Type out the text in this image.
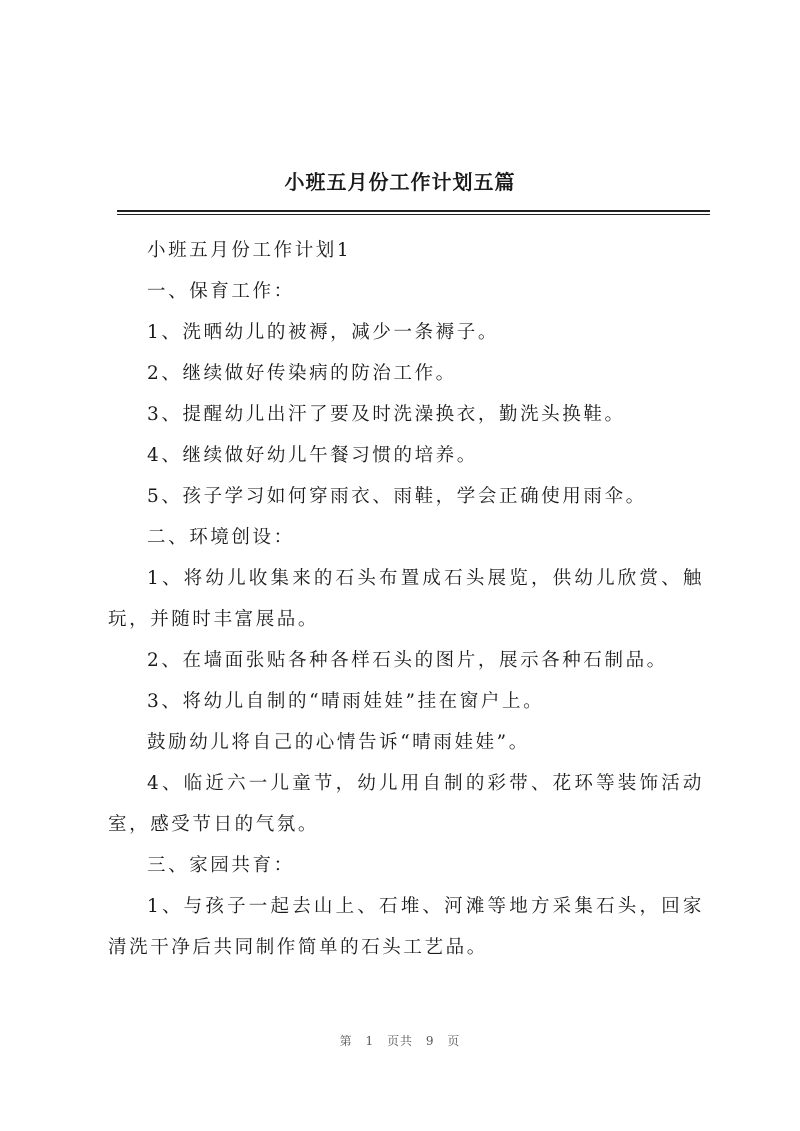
小班五月份工作计划五篇

小班五月份工作计划1

一、保育工作：

1、洗晒幼儿的被褥，减少一条褥子。

2、继续做好传染病的防治工作。

3、提醒幼儿出汗了要及时洗澡换衣，勤洗头换鞋。

4、继续做好幼儿午餐习惯的培养。

5、孩子学习如何穿雨衣、雨鞋，学会正确使用雨伞。

二、环境创设：

1、将幼儿收集来的石头布置成石头展览，供幼儿欣赏、触玩，并随时丰富展品。

2、在墙面张贴各种各样石头的图片，展示各种石制品。

3、将幼儿自制的“晴雨娃娃”挂在窗户上。

鼓励幼儿将自己的心情告诉“晴雨娃娃”。

4、临近六一儿童节，幼儿用自制的彩带、花环等装饰活动室，感受节日的气氛。

三、家园共育：

1、与孩子一起去山上、石堆、河滩等地方采集石头，回家清洗干净后共同制作简单的石头工艺品。

第 1 页共 9 页
